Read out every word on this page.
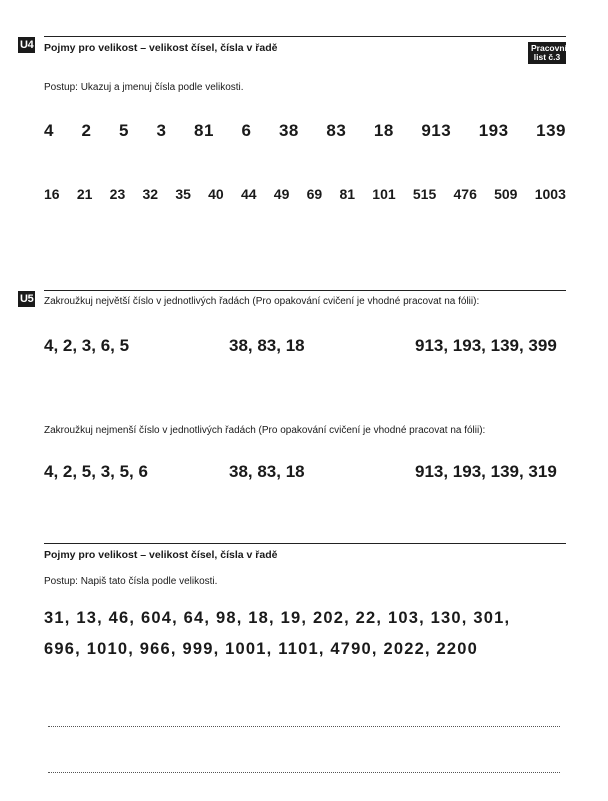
U4 Pojmy pro velikost – velikost čísel, čísla v řadě	Pracovní
list č.3
Postup: Ukazuj a jmenuj čísla podle velikosti.
4 2 5 3 81 6 38 83 18 913 193 139
16 21 23 32 35 40 44 49 69 81 101 515 476 509 1003
U5 Zakroužkuj největší číslo v jednotlivých řadách (Pro opakování cvičení je vhodné pracovat na fólii):
4, 2, 3, 6, 5	38, 83, 18	913, 193, 139, 399
Zakroužkuj nejmenší číslo v jednotlivých řadách (Pro opakování cvičení je vhodné pracovat na fólii):
4, 2, 5, 3, 5, 6	38, 83, 18	913, 193, 139, 319
Pojmy pro velikost – velikost čísel, čísla v řadě
Postup: Napiš tato čísla podle velikosti.
31, 13, 46, 604, 64, 98, 18, 19, 202, 22, 103, 130, 301,
696, 1010, 966, 999, 1001, 1101, 4790, 2022, 2200
